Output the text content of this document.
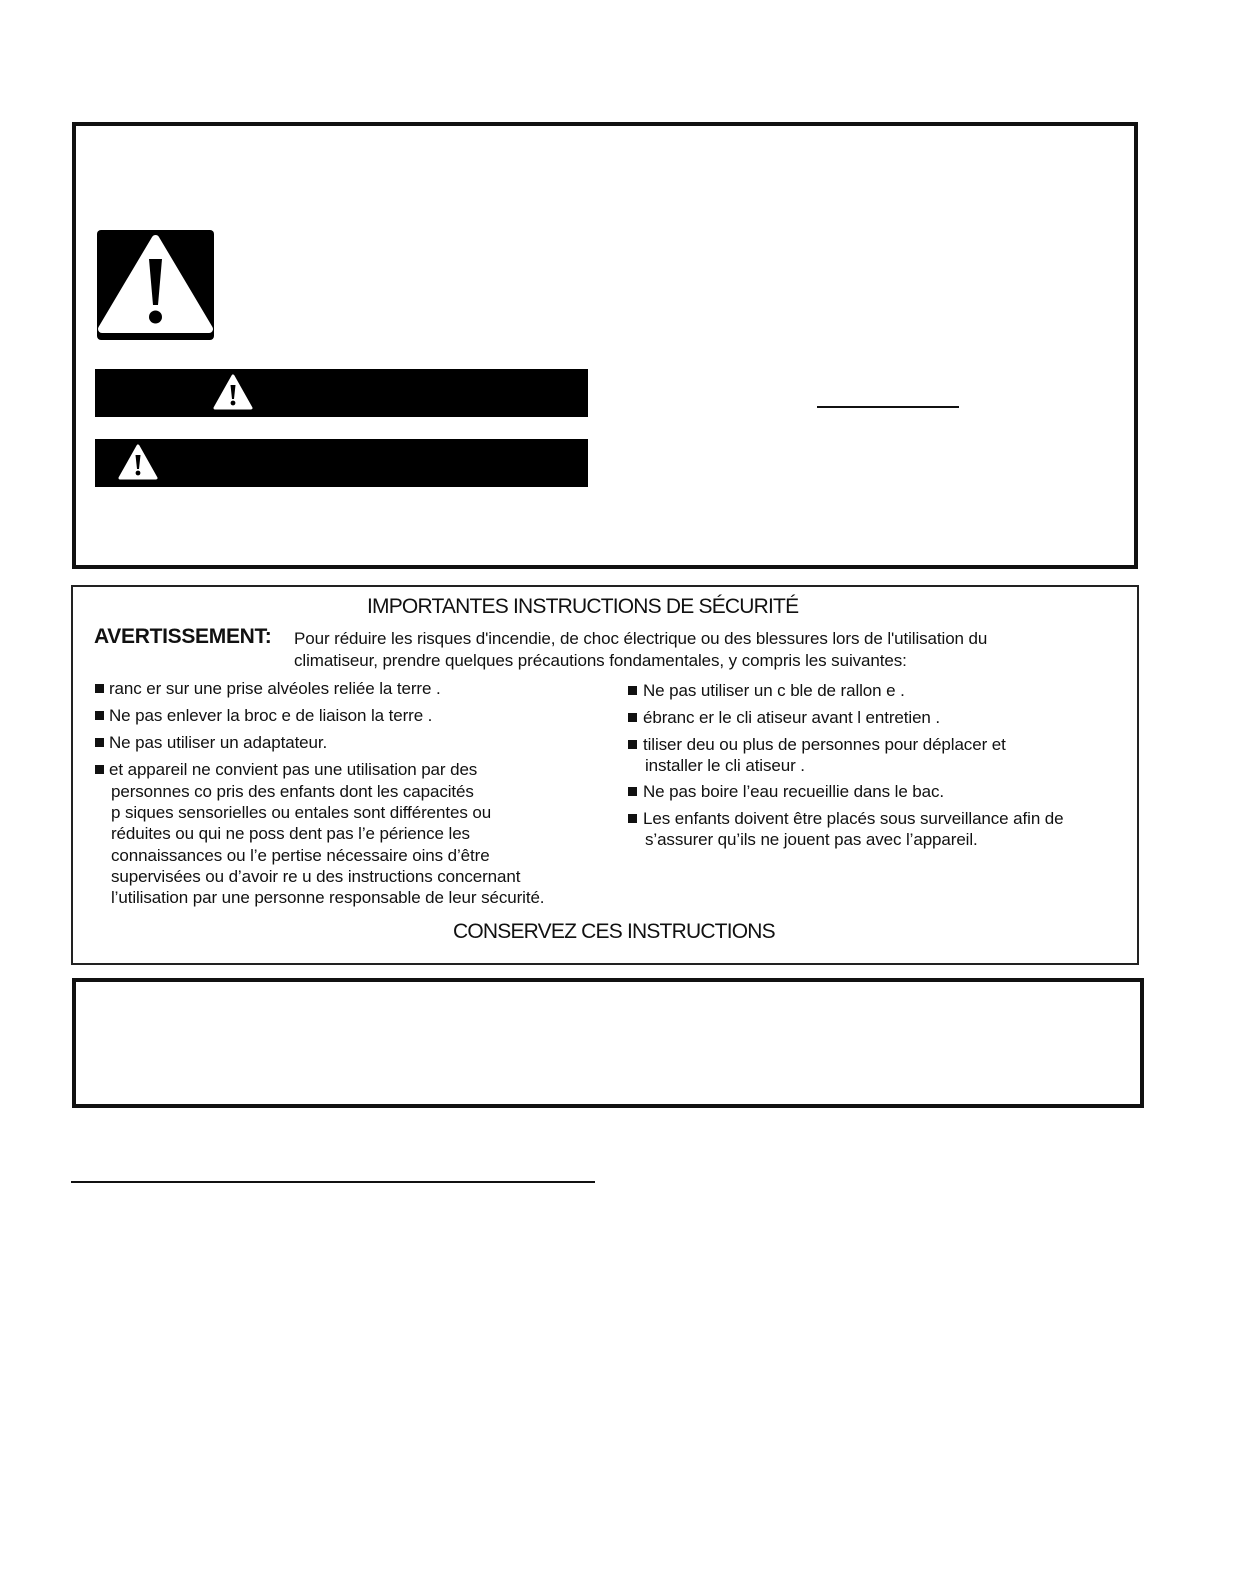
IMPORTANTES INSTRUCTIONS DE SÉCURITÉ
AVERTISSEMENT: Pour réduire les risques d'incendie, de choc électrique ou des blessures lors de l'utilisation du
climatiseur, prendre quelques précautions fondamentales, y compris les suivantes:
ranc er sur une prise alvéoles reliée la terre .
Ne pas enlever la broc e de liaison la terre .
Ne pas utiliser un adaptateur.
et appareil ne convient pas une utilisation par des
personnes co pris des enfants dont les capacités
p siques sensorielles ou entales sont différentes ou
réduites ou qui ne poss dent pas l’e périence les
connaissances ou l’e pertise nécessaire oins d’être
supervisées ou d’avoir re u des instructions concernant
l’utilisation par une personne responsable de leur sécurité.
Ne pas utiliser un c ble de rallon e .
ébranc er le cli atiseur avant l entretien .
tiliser deu ou plus de personnes pour déplacer et
installer le cli atiseur .
Ne pas boire l’eau recueillie dans le bac.
Les enfants doivent être placés sous surveillance afin de
s’assurer qu’ils ne jouent pas avec l’appareil.
CONSERVEZ CES INSTRUCTIONS
